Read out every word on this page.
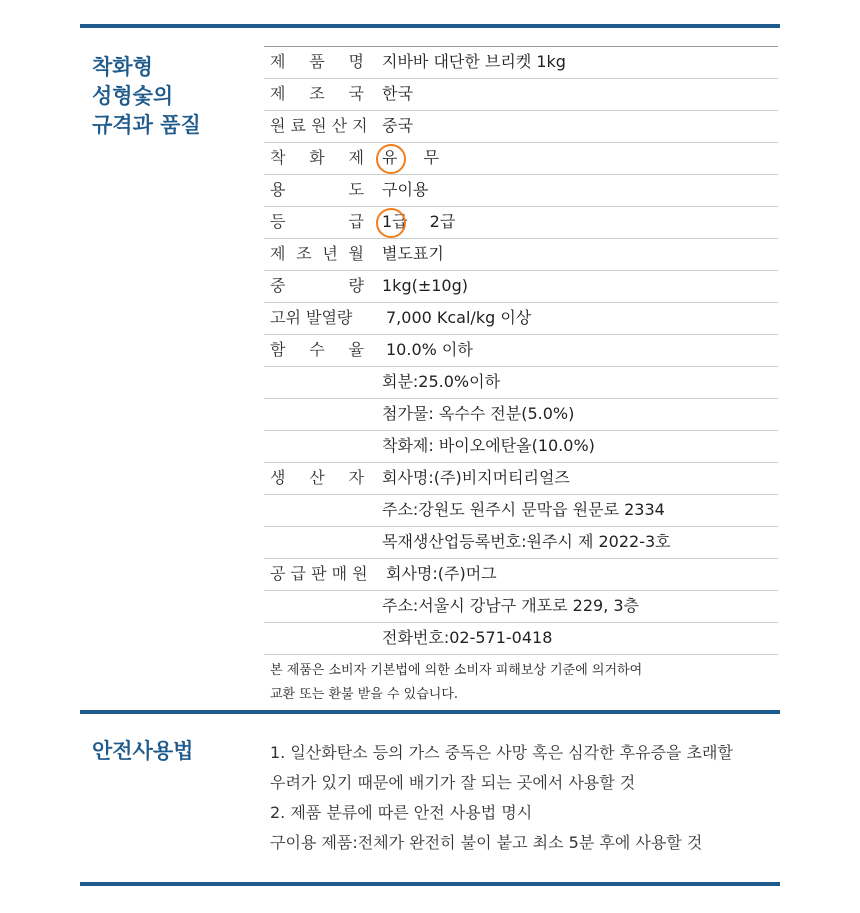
착화형
성형숯의
규격과 품질
제 품 명 지바바 대단한 브리켓 1kg
제 조 국 한국
원 료 원 산 지 중국
착 화 제 유 무
용 도 구이용
등 급 1급 2급
제 조 년 월 별도표기
중 량 1kg(±10g)
고위 발열량	7,000 Kcal/kg 이상
함 수 율 10.0% 이하
회분:25.0%이하
첨가물: 옥수수 전분(5.0%)
착화제: 바이오에탄올(10.0%)
생 산 자 회사명:(주)비지머티리얼즈
주소:강원도 원주시 문막읍 원문로 2334
목재생산업등록번호:원주시 제 2022-3호
공 급 판 매 원 회사명:(주)머그
주소:서울시 강남구 개포로 229, 3층
전화번호:02-571-0418
본 제품은 소비자 기본법에 의한 소비자 피해보상 기준에 의거하여
교환 또는 환불 받을 수 있습니다.
안전사용법	1. 일산화탄소 등의 가스 중독은 사망 혹은 심각한 후유증을 초래할
우려가 있기 때문에 배기가 잘 되는 곳에서 사용할 것
2. 제품 분류에 따른 안전 사용법 명시
구이용 제품:전체가 완전히 불이 붙고 최소 5분 후에 사용할 것
